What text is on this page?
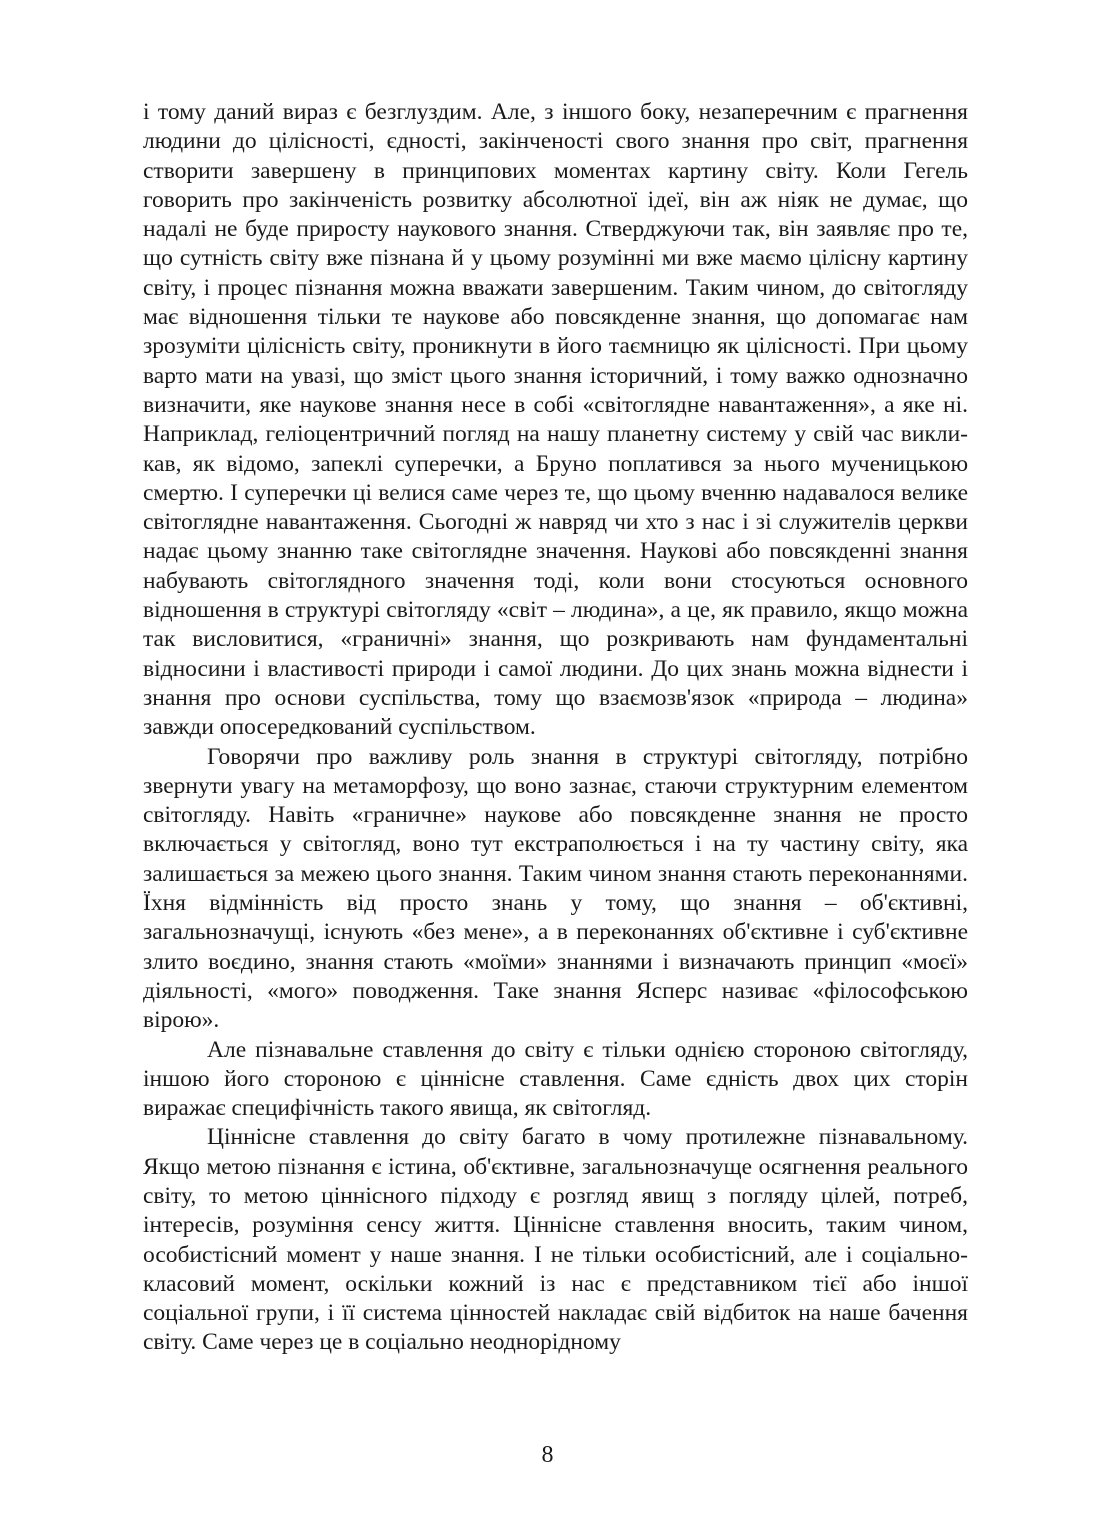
і тому даний вираз є безглуздим. Але, з іншого боку, незаперечним є прагнення людини до цілісності, єдності, закінченості свого знання про світ, прагнення створити завершену в принципових моментах картину світу. Коли Гегель говорить про закінченість розвитку абсолютної ідеї, він аж ніяк не думає, що надалі не буде приросту наукового знання. Стверджуючи так, він заявляє про те, що сутність світу вже пізнана й у цьому розумінні ми вже маємо цілісну картину світу, і процес пізнання можна вважати завершеним. Таким чином, до світогляду має відношення тільки те наукове або повсякденне знання, що допомагає нам зрозуміти цілісність світу, проникнути в його таємницю як цілісності. При цьому варто мати на увазі, що зміст цього знання історичний, і тому важко однозначно визначити, яке наукове знання несе в собі «світоглядне навантаження», а яке ні. Наприклад, геліоцентричний погляд на нашу планетну систему у свій час викликав, як відомо, запеклі суперечки, а Бруно поплатився за нього мученицькою смертю. І суперечки ці велися саме через те, що цьому вченню надавалося велике світоглядне навантаження. Сьогодні ж навряд чи хто з нас і зі служителів церкви надає цьому знанню таке світоглядне значення. Наукові або повсякденні знання набувають світоглядного значення тоді, коли вони стосуються основного відношення в структурі світогляду «світ – людина», а це, як правило, якщо можна так висловитися, «граничні» знання, що розкривають нам фундаментальні відносини і властивості природи і самої людини. До цих знань можна віднести і знання про основи суспільства, тому що взаємозв'язок «природа – людина» завжди опосередкований суспільством.

Говорячи про важливу роль знання в структурі світогляду, потрібно звернути увагу на метаморфозу, що воно зазнає, стаючи структурним елементом світогляду. Навіть «граничне» наукове або повсякденне знання не просто включається у світогляд, воно тут екстраполюється і на ту частину світу, яка залишається за межею цього знання. Таким чином знання стають переконаннями. Їхня відмінність від просто знань у тому, що знання – об'єктивні, загальнозначущі, існують «без мене», а в переконаннях об'єктивне і суб'єктивне злито воєдино, знання стають «моїми» знаннями і визначають принцип «моєї» діяльності, «мого» поводження. Таке знання Ясперс називає «філософською вірою».

Але пізнавальне ставлення до світу є тільки однією стороною світогляду, іншою його стороною є ціннісне ставлення. Саме єдність двох цих сторін виражає специфічність такого явища, як світогляд.

Ціннісне ставлення до світу багато в чому протилежне пізнавальному. Якщо метою пізнання є істина, об'єктивне, загальнозначуще осягнення реального світу, то метою ціннісного підходу є розгляд явищ з погляду цілей, потреб, інтересів, розуміння сенсу життя. Ціннісне ставлення вносить, таким чином, особистісний момент у наше знання. І не тільки особистісний, але і соціально-класовий момент, оскільки кожний із нас є представником тієї або іншої соціальної групи, і її система цінностей накладає свій відбиток на наше бачення світу. Саме через це в соціально неоднорідному

8
